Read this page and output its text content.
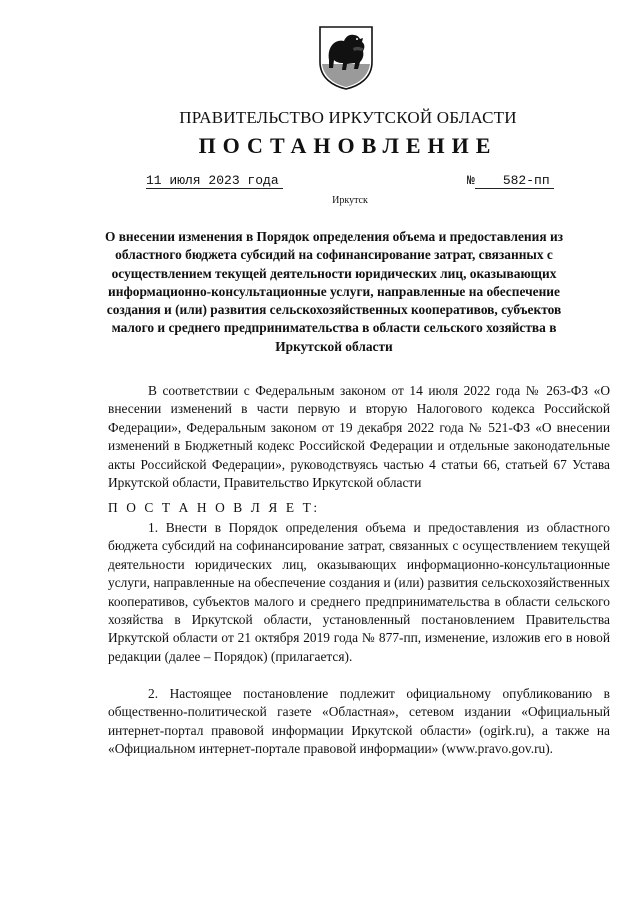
ПРАВИТЕЛЬСТВО ИРКУТСКОЙ ОБЛАСТИ
ПОСТАНОВЛЕНИЕ
11 июля 2023 года	№ 582-пп
Иркутск
О внесении изменения в Порядок определения объема и предоставления из областного бюджета субсидий на софинансирование затрат, связанных с осуществлением текущей деятельности юридических лиц, оказывающих информационно-консультационные услуги, направленные на обеспечение создания и (или) развития сельскохозяйственных кооперативов, субъектов малого и среднего предпринимательства в области сельского хозяйства в Иркутской области
В соответствии с Федеральным законом от 14 июля 2022 года № 263-ФЗ «О внесении изменений в части первую и вторую Налогового кодекса Российской Федерации», Федеральным законом от 19 декабря 2022 года № 521-ФЗ «О внесении изменений в Бюджетный кодекс Российской Федерации и отдельные законодательные акты Российской Федерации», руководствуясь частью 4 статьи 66, статьей 67 Устава Иркутской области, Правительство Иркутской области
П О С Т А Н О В Л Я Е Т:
1. Внести в Порядок определения объема и предоставления из областного бюджета субсидий на софинансирование затрат, связанных с осуществлением текущей деятельности юридических лиц, оказывающих информационно-консультационные услуги, направленные на обеспечение создания и (или) развития сельскохозяйственных кооперативов, субъектов малого и среднего предпринимательства в области сельского хозяйства в Иркутской области, установленный постановлением Правительства Иркутской области от 21 октября 2019 года № 877-пп, изменение, изложив его в новой редакции (далее – Порядок) (прилагается).
2. Настоящее постановление подлежит официальному опубликованию в общественно-политической газете «Областная», сетевом издании «Официальный интернет-портал правовой информации Иркутской области» (ogirk.ru), а также на «Официальном интернет-портале правовой информации» (www.pravo.gov.ru).
